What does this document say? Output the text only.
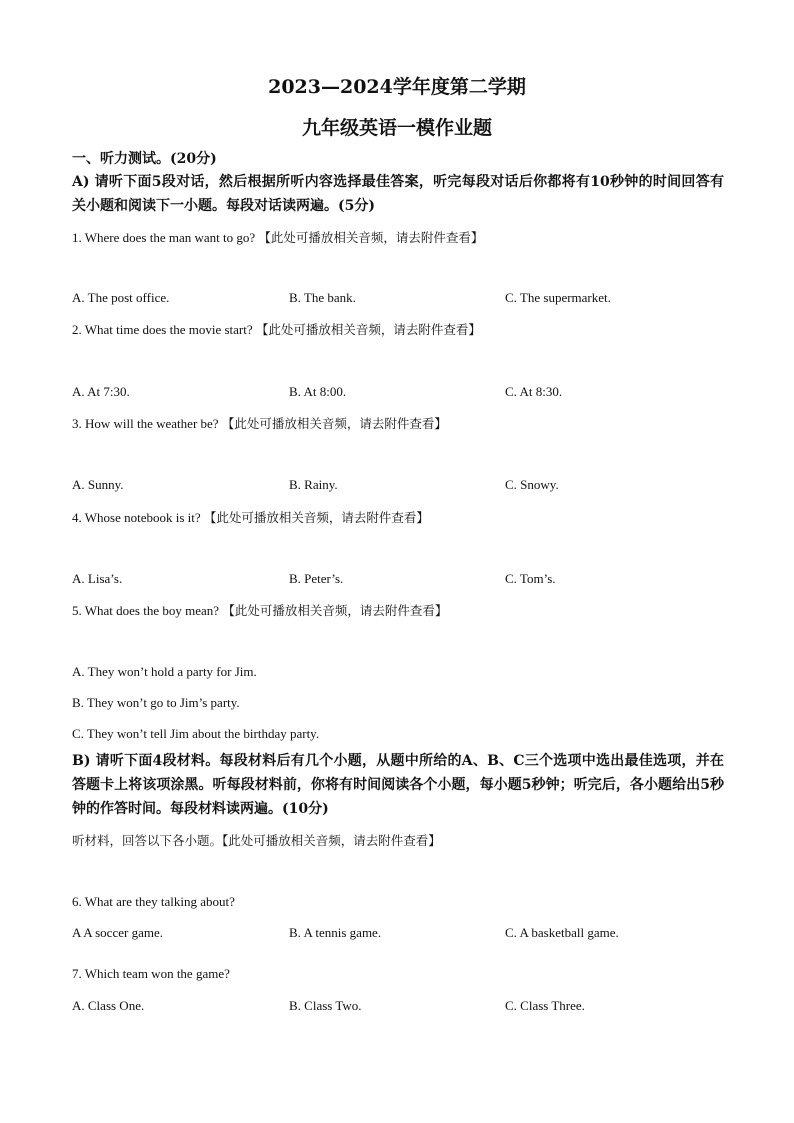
2023—2024学年度第二学期
九年级英语一模作业题
一、听力测试。(20分)
A) 请听下面5段对话，然后根据所听内容选择最佳答案，听完每段对话后你都将有10秒钟的时间回答有关小题和阅读下一小题。每段对话读两遍。(5分)
1. Where does the man want to go? 【此处可播放相关音频，请去附件查看】
A. The post office.	B. The bank.	C. The supermarket.
2. What time does the movie start? 【此处可播放相关音频，请去附件查看】
A. At 7:30.	B. At 8:00.	C. At 8:30.
3. How will the weather be? 【此处可播放相关音频，请去附件查看】
A. Sunny.	B. Rainy.	C. Snowy.
4. Whose notebook is it? 【此处可播放相关音频，请去附件查看】
A. Lisa’s.	B. Peter’s.	C. Tom’s.
5. What does the boy mean? 【此处可播放相关音频，请去附件查看】
A. They won’t hold a party for Jim.
B. They won’t go to Jim’s party.
C. They won’t tell Jim about the birthday party.
B) 请听下面4段材料。每段材料后有几个小题，从题中所给的A、B、C三个选项中选出最佳选项，并在答题卡上将该项涂黑。听每段材料前，你将有时间阅读各个小题，每小题5秒钟；听完后，各小题给出5秒钟的作答时间。每段材料读两遍。(10分)
听材料，回答以下各小题。【此处可播放相关音频，请去附件查看】
6. What are they talking about?
A A soccer game.	B. A tennis game.	C. A basketball game.
7. Which team won the game?
A. Class One.	B. Class Two.	C. Class Three.
